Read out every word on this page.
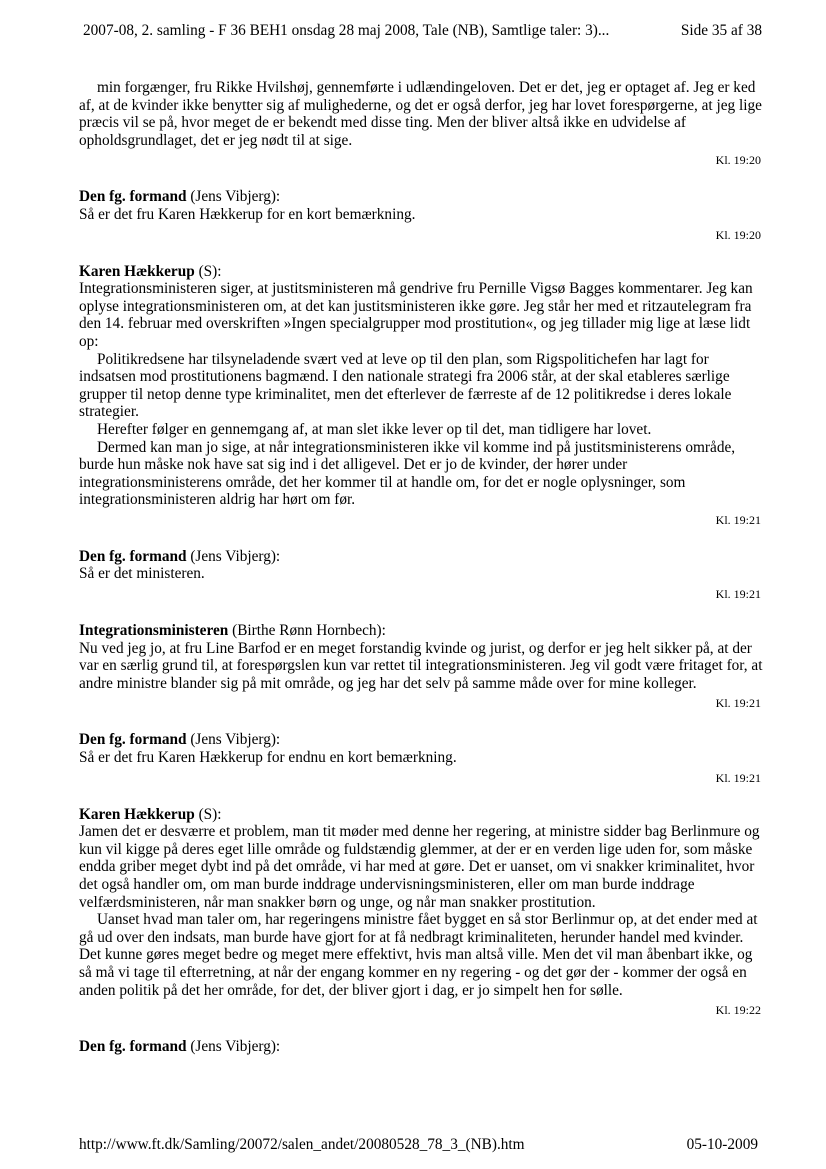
2007-08, 2. samling - F 36 BEH1 onsdag 28 maj 2008, Tale (NB), Samtlige taler: 3)...	Side 35 af 38

min forgænger, fru Rikke Hvilshøj, gennemførte i udlændingeloven. Det er det, jeg er optaget af. Jeg er ked af, at de kvinder ikke benytter sig af mulighederne, og det er også derfor, jeg har lovet forespørgerne, at jeg lige præcis vil se på, hvor meget de er bekendt med disse ting. Men der bliver altså ikke en udvidelse af opholdsgrundlaget, det er jeg nødt til at sige.

Kl. 19:20

Den fg. formand (Jens Vibjerg):

Så er det fru Karen Hækkerup for en kort bemærkning.

Kl. 19:20

Karen Hækkerup (S):

Integrationsministeren siger, at justitsministeren må gendrive fru Pernille Vigsø Bagges kommentarer. Jeg kan oplyse integrationsministeren om, at det kan justitsministeren ikke gøre. Jeg står her med et ritzautelegram fra den 14. februar med overskriften »Ingen specialgrupper mod prostitution«, og jeg tillader mig lige at læse lidt op:

Politikredsene har tilsyneladende svært ved at leve op til den plan, som Rigspolitichefen har lagt for indsatsen mod prostitutionens bagmænd. I den nationale strategi fra 2006 står, at der skal etableres særlige grupper til netop denne type kriminalitet, men det efterlever de færreste af de 12 politikredse i deres lokale strategier.

Herefter følger en gennemgang af, at man slet ikke lever op til det, man tidligere har lovet.

Dermed kan man jo sige, at når integrationsministeren ikke vil komme ind på justitsministerens område, burde hun måske nok have sat sig ind i det alligevel. Det er jo de kvinder, der hører under integrationsministerens område, det her kommer til at handle om, for det er nogle oplysninger, som integrationsministeren aldrig har hørt om før.

Kl. 19:21

Den fg. formand (Jens Vibjerg):

Så er det ministeren.

Kl. 19:21

Integrationsministeren (Birthe Rønn Hornbech):

Nu ved jeg jo, at fru Line Barfod er en meget forstandig kvinde og jurist, og derfor er jeg helt sikker på, at der var en særlig grund til, at forespørgslen kun var rettet til integrationsministeren. Jeg vil godt være fritaget for, at andre ministre blander sig på mit område, og jeg har det selv på samme måde over for mine kolleger.

Kl. 19:21

Den fg. formand (Jens Vibjerg):

Så er det fru Karen Hækkerup for endnu en kort bemærkning.

Kl. 19:21

Karen Hækkerup (S):

Jamen det er desværre et problem, man tit møder med denne her regering, at ministre sidder bag Berlinmure og kun vil kigge på deres eget lille område og fuldstændig glemmer, at der er en verden lige uden for, som måske endda griber meget dybt ind på det område, vi har med at gøre. Det er uanset, om vi snakker kriminalitet, hvor det også handler om, om man burde inddrage undervisningsministeren, eller om man burde inddrage velfærdsministeren, når man snakker børn og unge, og når man snakker prostitution.

Uanset hvad man taler om, har regeringens ministre fået bygget en så stor Berlinmur op, at det ender med at gå ud over den indsats, man burde have gjort for at få nedbragt kriminaliteten, herunder handel med kvinder. Det kunne gøres meget bedre og meget mere effektivt, hvis man altså ville. Men det vil man åbenbart ikke, og så må vi tage til efterretning, at når der engang kommer en ny regering - og det gør der - kommer der også en anden politik på det her område, for det, der bliver gjort i dag, er jo simpelt hen for sølle.

Kl. 19:22

Den fg. formand (Jens Vibjerg):

http://www.ft.dk/Samling/20072/salen_andet/20080528_78_3_(NB).htm	05-10-2009
